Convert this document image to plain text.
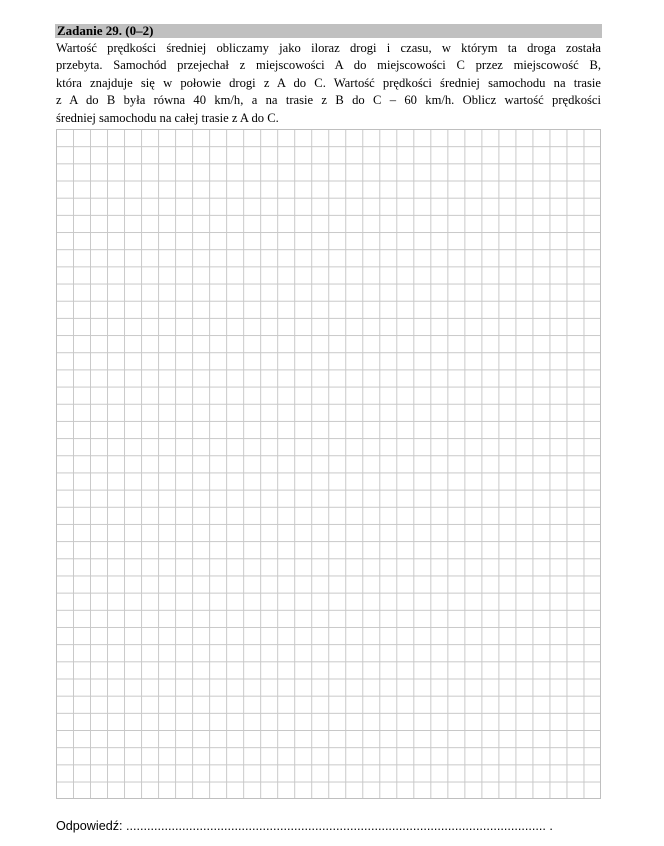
Zadanie 29. (0–2)
Wartość prędkości średniej obliczamy jako iloraz drogi i czasu, w którym ta droga została
przebyta. Samochód przejechał z miejscowości A do miejscowości C przez miejscowość B,
która znajduje się w połowie drogi z A do C. Wartość prędkości średniej samochodu na trasie
z A do B była równa 40 km/h, a na trasie z B do C – 60 km/h. Oblicz wartość prędkości
średniej samochodu na całej trasie z A do C.
Odpowiedź: ........................................................................................................................ .
